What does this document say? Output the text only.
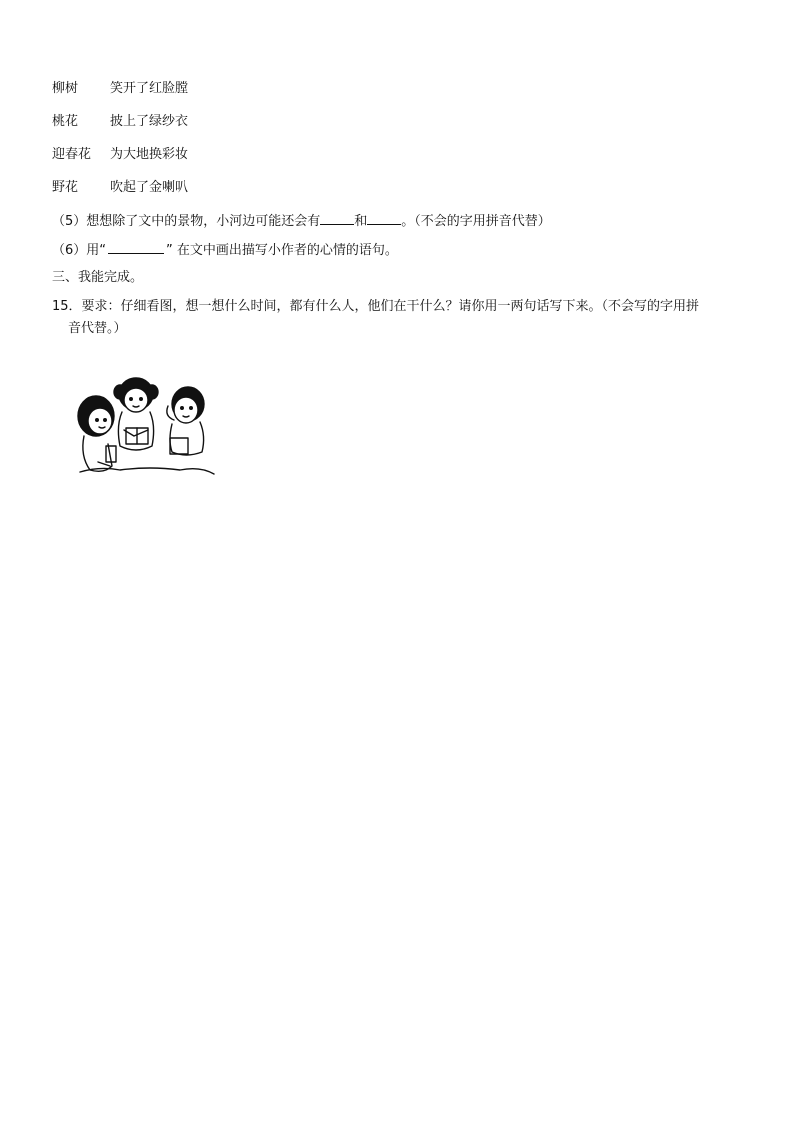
柳树	笑开了红脸膛
桃花	披上了绿纱衣
迎春花	为大地换彩妆
野花	吹起了金喇叭
（5）想想除了文中的景物，小河边可能还会有	和	。（不会的字用拼音代替）
（6）用“	” 在文中画出描写小作者的心情的语句。
三、我能完成。
15．要求：仔细看图，想一想什么时间，都有什么人，他们在干什么？请你用一两句话写下来。（不会写的字用拼
音代替。）
